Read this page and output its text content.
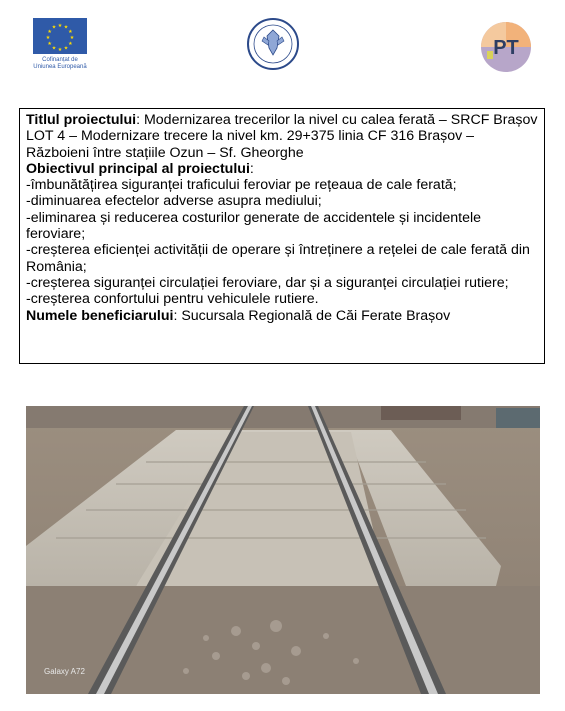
★ ★
★
★
★
★
★
★
★
★
★
★
Cofinanțat de
Uniunea Europeană
PT

Titlul proiectului: Modernizarea trecerilor la nivel cu calea ferată – SRCF Brașov

LOT 4 – Modernizare trecere la nivel km. 29+375 linia CF 316 Brașov – Războieni între stațiile Ozun – Sf. Gheorghe

Obiectivul principal al proiectului:

-îmbunătățirea siguranței traficului feroviar pe rețeaua de cale ferată;

-diminuarea efectelor adverse asupra mediului;

-eliminarea și reducerea costurilor generate de accidentele și incidentele feroviare;

-creșterea eficienței activității de operare și întreținere a rețelei de cale ferată din România;

-creșterea siguranței circulației feroviare, dar și a siguranței circulației rutiere;

-creșterea confortului pentru vehiculele rutiere.

Numele beneficiarului: Sucursala Regională de Căi Ferate Brașov

Galaxy A72
